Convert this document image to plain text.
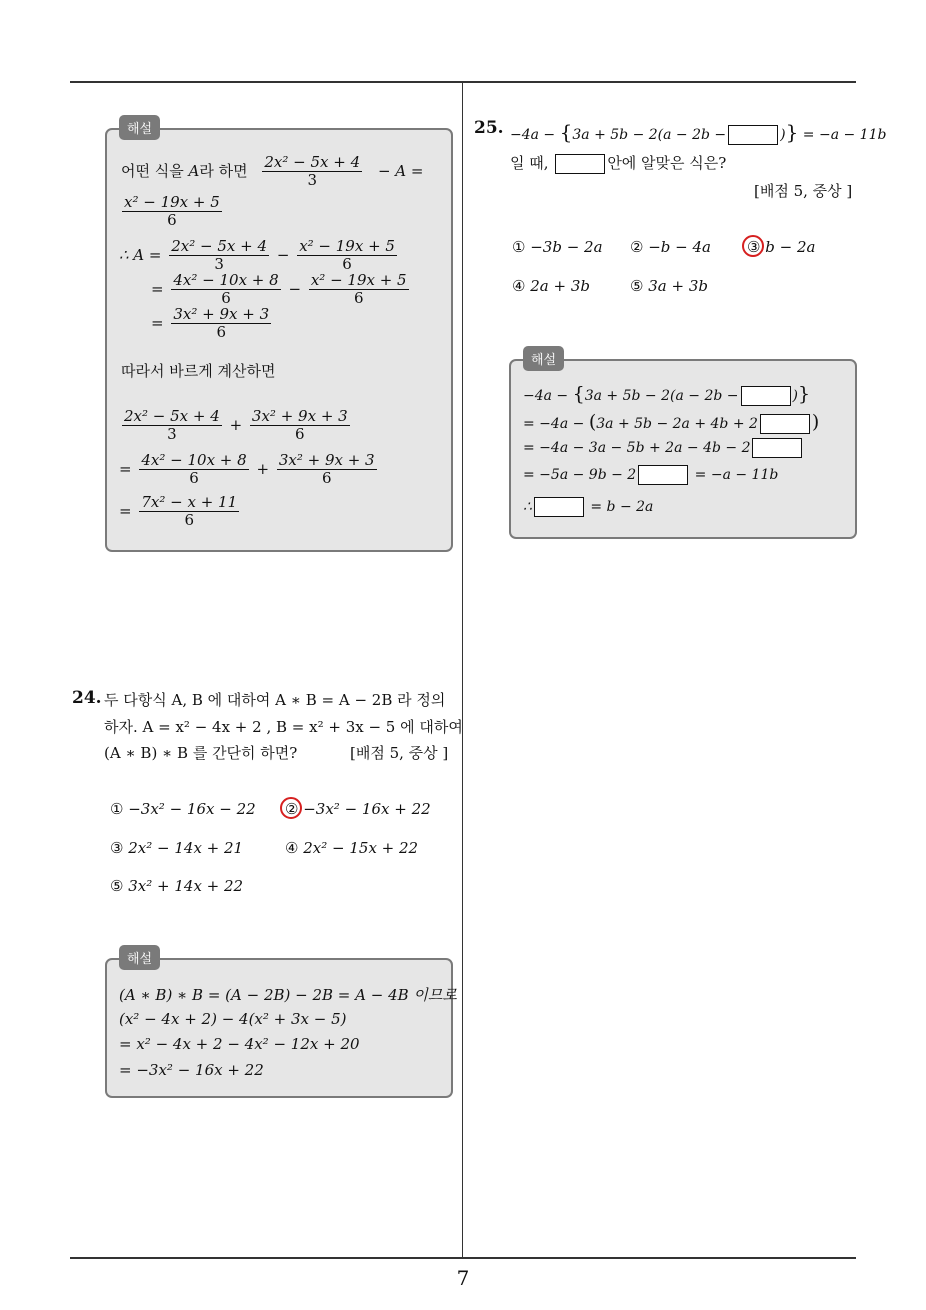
해설
어떤 식을 A라 하면 $\frac{\text{2x² − 5x + 4}}{3} - A$ =
$\frac{\text{x² − 19x + 5}}{6}$
∴ $A = \frac{\text{2x² − 5x + 4}}{3} - \frac{\text{x² − 19x + 5}}{6}$
= $\frac{\text{4x² − 10x + 8}}{6} - \frac{\text{x² − 19x + 5}}{6}$
= $\frac{\text{3x² + 9x + 3}}{6}$
따라서 바르게 계산하면
$\frac{\text{2x² − 5x + 4}}{3} + \frac{\text{3x² + 9x + 3}}{6}$
= $\frac{\text{4x² − 10x + 8}}{6} + \frac{\text{3x² + 9x + 3}}{6}$
= $\frac{\text{7x² − x + 11}}{6}$
24. 두 다항식 A, B 에 대하여 A ∗ B = A − 2B 라 정의
하자. A = x² − 4x + 2 , B = x² + 3x − 5 에 대하여
(A ∗ B) ∗ B 를 간단히 하면?	[배점 5, 중상 ]
① −3x² − 16x − 22 ② −3x² − 16x + 22
③ 2x² − 14x + 21	④ 2x² − 15x + 22
⑤ 3x² + 14x + 22
해설
(A ∗ B) ∗ B = (A − 2B) − 2B = A − 4B 이므로
(x² − 4x + 2) − 4(x² + 3x − 5)
= x² − 4x + 2 − 4x² − 12x + 20
= −3x² − 16x + 22
25. −4a − {3a + 5b − 2(a − 2b −	)} = −a − 11b
일 때,	안에 알맞은 식은?
[배점 5, 중상 ]
① −3b − 2a ② −b − 4a ③ b − 2a
④ 2a + 3b	⑤ 3a + 3b
해설
−4a − {3a + 5b − 2(a − 2b −	)}
= −4a − (3a + 5b − 2a + 4b + 2	)
= −4a − 3a − 5b + 2a − 4b − 2
= −5a − 9b − 2	= −a − 11b
∴	= b − 2a
7
